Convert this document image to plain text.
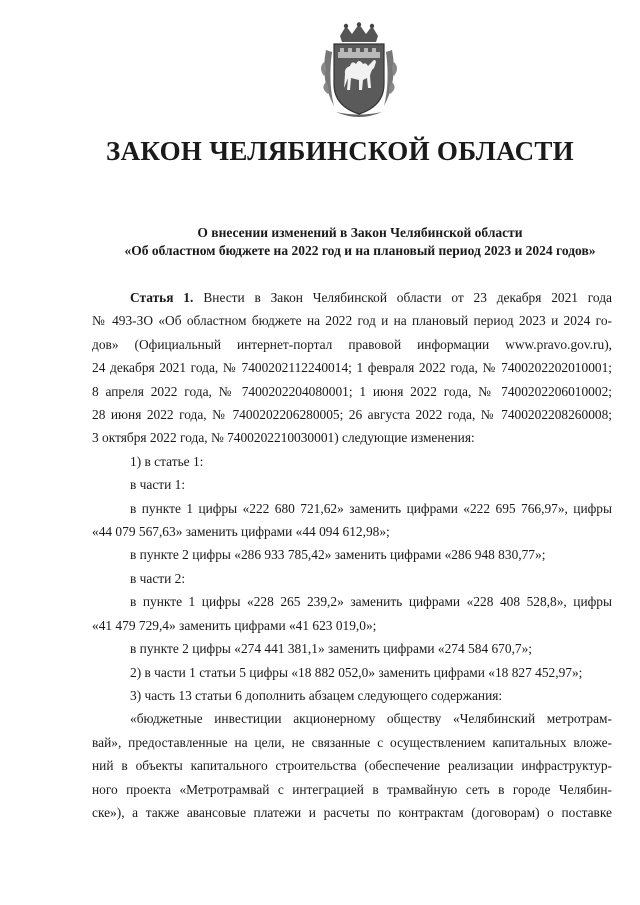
ЗАКОН ЧЕЛЯБИНСКОЙ ОБЛАСТИ
О внесении изменений в Закон Челябинской области
«Об областном бюджете на 2022 год и на плановый период 2023 и 2024 годов»
Статья 1. Внести в Закон Челябинской области от 23 декабря 2021 года
№ 493-ЗО «Об областном бюджете на 2022 год и на плановый период 2023 и 2024 го-
дов» (Официальный интернет-портал правовой информации www.pravo.gov.ru),
24 декабря 2021 года, № 7400202112240014; 1 февраля 2022 года, № 7400202202010001;
8 апреля 2022 года, № 7400202204080001; 1 июня 2022 года, № 7400202206010002;
28 июня 2022 года, № 7400202206280005; 26 августа 2022 года, № 7400202208260008;
3 октября 2022 года, № 7400202210030001) следующие изменения:
1) в статье 1:
в части 1:
в пункте 1 цифры «222 680 721,62» заменить цифрами «222 695 766,97», цифры
«44 079 567,63» заменить цифрами «44 094 612,98»;
в пункте 2 цифры «286 933 785,42» заменить цифрами «286 948 830,77»;
в части 2:
в пункте 1 цифры «228 265 239,2» заменить цифрами «228 408 528,8», цифры
«41 479 729,4» заменить цифрами «41 623 019,0»;
в пункте 2 цифры «274 441 381,1» заменить цифрами «274 584 670,7»;
2) в части 1 статьи 5 цифры «18 882 052,0» заменить цифрами «18 827 452,97»;
3) часть 13 статьи 6 дополнить абзацем следующего содержания:
«бюджетные инвестиции акционерному обществу «Челябинский метротрам-
вай», предоставленные на цели, не связанные с осуществлением капитальных вложе-
ний в объекты капитального строительства (обеспечение реализации инфраструктур-
ного проекта «Метротрамвай с интеграцией в трамвайную сеть в городе Челябин-
ске»), а также авансовые платежи и расчеты по контрактам (договорам) о поставке
